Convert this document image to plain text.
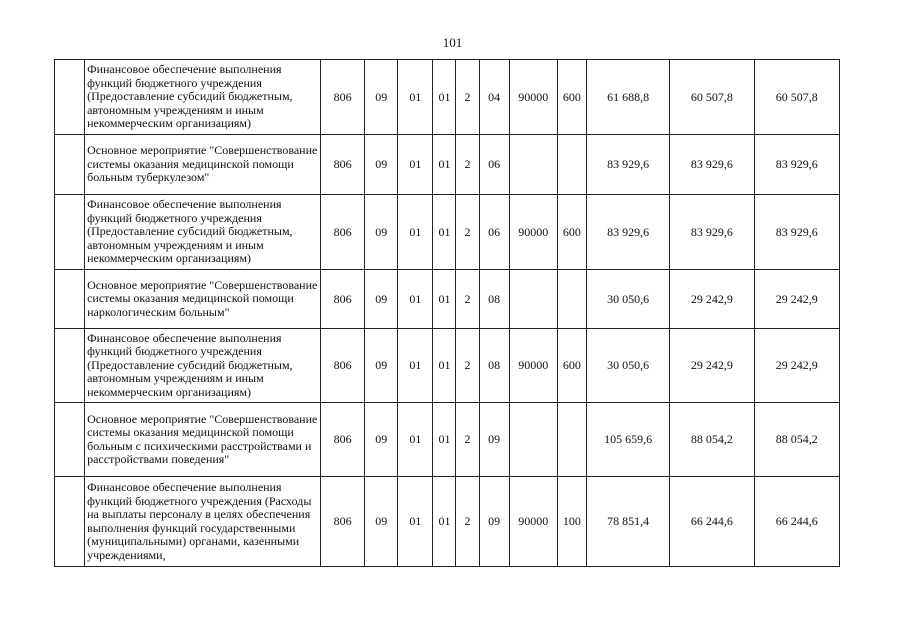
101
	Финансовое обеспечение выполнения функций бюджетного учреждения (Предоставление субсидий бюджетным, автономным учреждениям и иным некоммерческим организациям)	806	09	01	01	2	04	90000	600	61 688,8	60 507,8	60 507,8
	Основное мероприятие "Совершенствование системы оказания медицинской помощи больным туберкулезом"	806	09	01	01	2	06			83 929,6	83 929,6	83 929,6
	Финансовое обеспечение выполнения функций бюджетного учреждения (Предоставление субсидий бюджетным, автономным учреждениям и иным некоммерческим организациям)	806	09	01	01	2	06	90000	600	83 929,6	83 929,6	83 929,6
	Основное мероприятие "Совершенствование системы оказания медицинской помощи наркологическим больным"	806	09	01	01	2	08			30 050,6	29 242,9	29 242,9
	Финансовое обеспечение выполнения функций бюджетного учреждения (Предоставление субсидий бюджетным, автономным учреждениям и иным некоммерческим организациям)	806	09	01	01	2	08	90000	600	30 050,6	29 242,9	29 242,9
	Основное мероприятие "Совершенствование системы оказания медицинской помощи больным с психическими расстройствами и расстройствами поведения"	806	09	01	01	2	09			105 659,6	88 054,2	88 054,2
	Финансовое обеспечение выполнения функций бюджетного учреждения (Расходы на выплаты персоналу в целях обеспечения выполнения функций государственными (муниципальными) органами, казенными учреждениями,	806	09	01	01	2	09	90000	100	78 851,4	66 244,6	66 244,6
